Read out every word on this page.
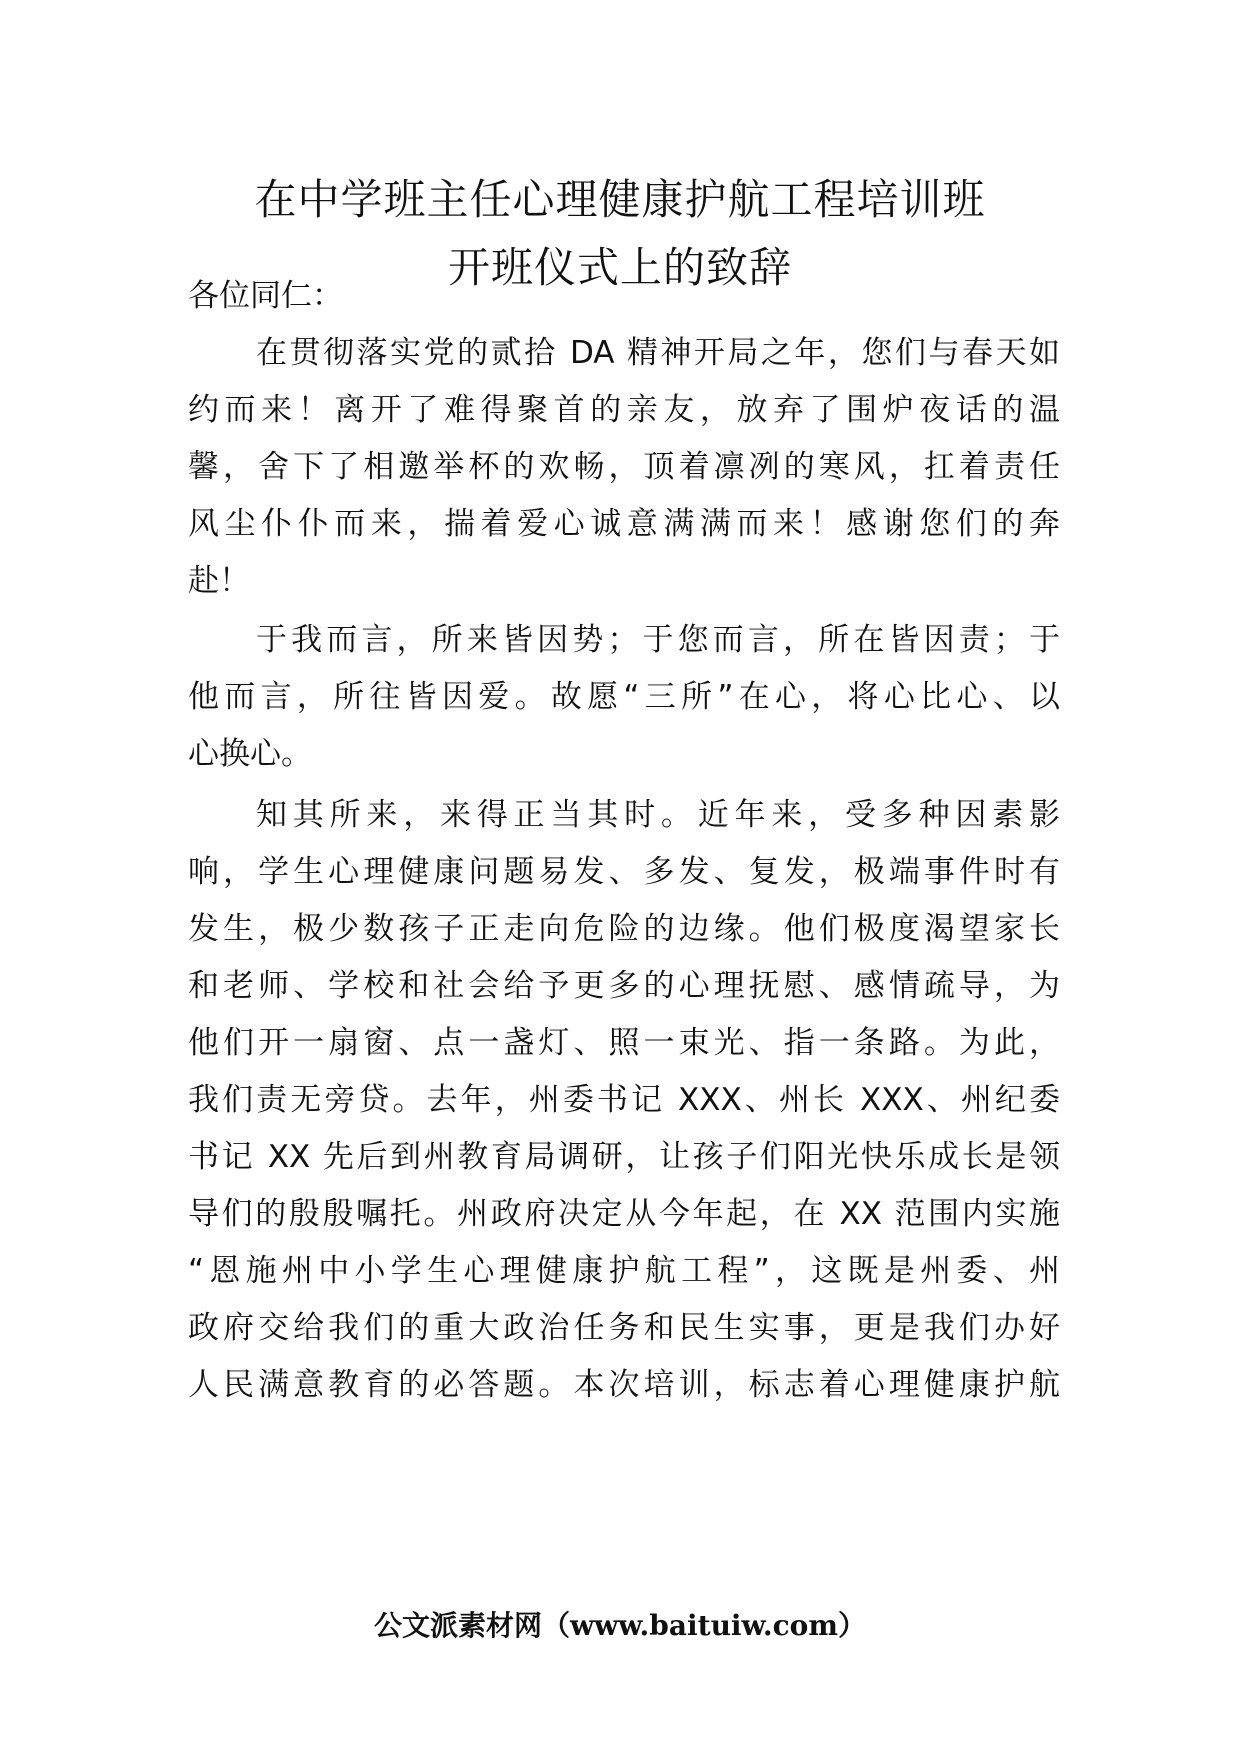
在中学班主任心理健康护航工程培训班
开班仪式上的致辞
各位同仁：
在贯彻落实党的贰拾 DA 精神开局之年，您们与春天如
约而来！离开了难得聚首的亲友，放弃了围炉夜话的温
馨，舍下了相邀举杯的欢畅，顶着凛冽的寒风，扛着责任
风尘仆仆而来，揣着爱心诚意满满而来！感谢您们的奔
赴！
于我而言，所来皆因势；于您而言，所在皆因责；于
他而言，所往皆因爱。故愿“三所”在心，将心比心、以
心换心。
知其所来，来得正当其时。近年来，受多种因素影
响，学生心理健康问题易发、多发、复发，极端事件时有
发生，极少数孩子正走向危险的边缘。他们极度渴望家长
和老师、学校和社会给予更多的心理抚慰、感情疏导，为
他们开一扇窗、点一盏灯、照一束光、指一条路。为此，
我们责无旁贷。去年，州委书记 XXX、州长 XXX、州纪委
书记 XX 先后到州教育局调研，让孩子们阳光快乐成长是领
导们的殷殷嘱托。州政府决定从今年起，在 XX 范围内实施
“恩施州中小学生心理健康护航工程”，这既是州委、州
政府交给我们的重大政治任务和民生实事，更是我们办好
人民满意教育的必答题。本次培训，标志着心理健康护航
公文派素材网（www.baituiw.com）
